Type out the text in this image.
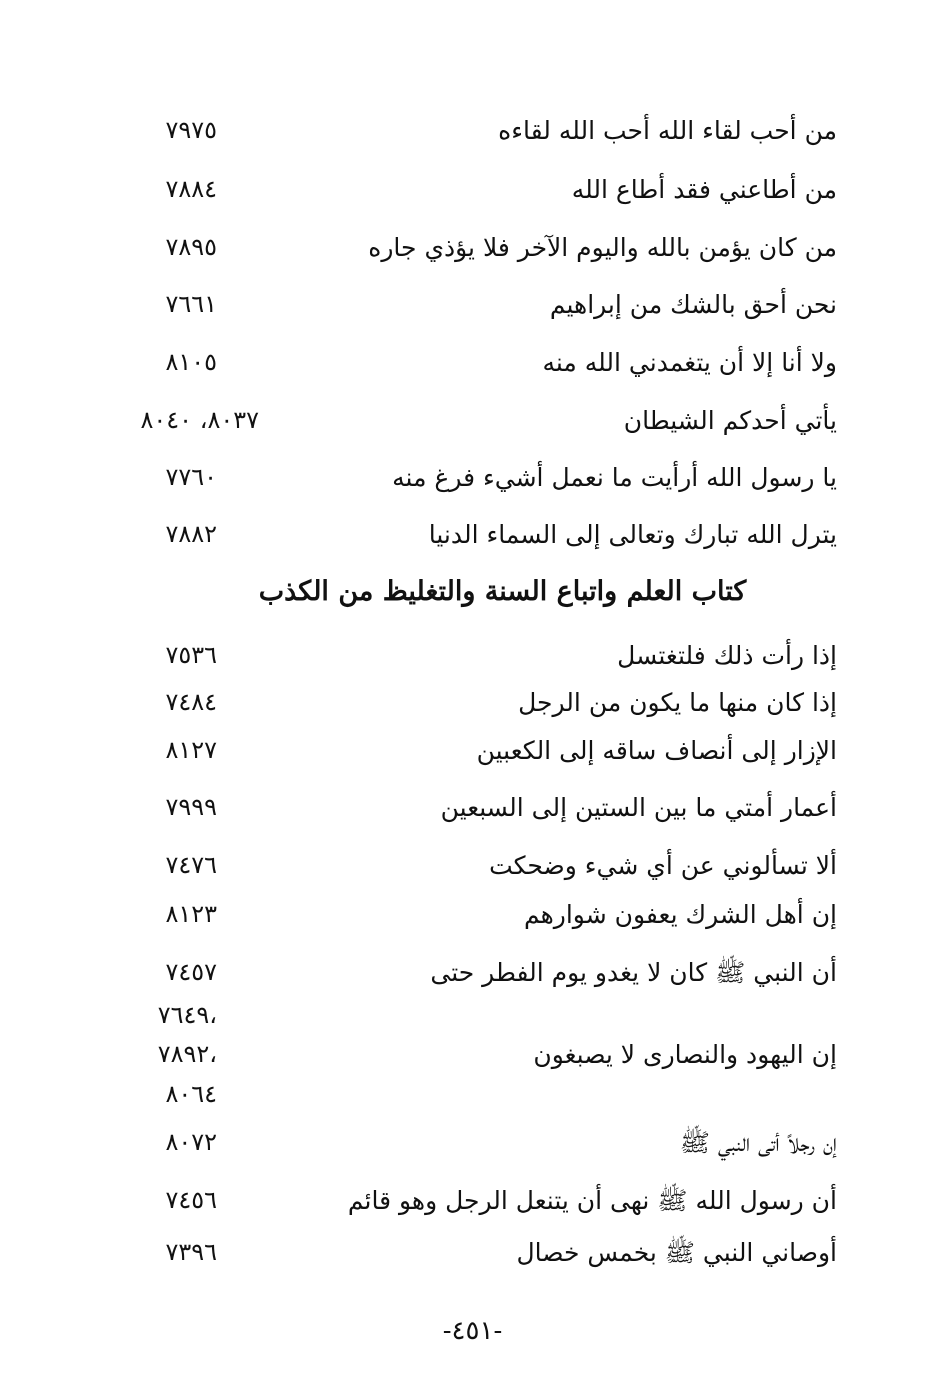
من أحب لقاء الله أحب الله لقاءه
٧٩٧٥
من أطاعني فقد أطاع الله
٧٨٨٤
من كان يؤمن بالله واليوم الآخر فلا يؤذي جاره
٧٨٩٥
نحن أحق بالشك من إبراهيم
٧٦٦١
ولا أنا إلا أن يتغمدني الله منه
٨١٠٥
يأتي أحدكم الشيطان
٨٠٣٧، ٨٠٤٠
يا رسول الله أرأيت ما نعمل أشيء فرغ منه
٧٧٦٠
يترل الله تبارك وتعالى إلى السماء الدنيا
٧٨٨٢
كتاب العلم واتباع السنة والتغليظ من الكذب
إذا رأت ذلك فلتغتسل
٧٥٣٦
إذا كان منها ما يكون من الرجل
٧٤٨٤
الإزار إلى أنصاف ساقه إلى الكعبين
٨١٢٧
أعمار أمتي ما بين الستين إلى السبعين
٧٩٩٩
ألا تسألوني عن أي شيء وضحكت
٧٤٧٦
إن أهل الشرك يعفون شوارهم
٨١٢٣
أن النبي ﷺ كان لا يغدو يوم الفطر حتى
٧٤٥٧
،٧٦٤٩
إن اليهود والنصارى لا يصبغون
،٧٨٩٢
٨٠٦٤
إن رجلاً أتى النبي ﷺ
٨٠٧٢
أن رسول الله ﷺ نهى أن يتنعل الرجل وهو قائم
٧٤٥٦
أوصاني النبي ﷺ بخمس خصال
٧٣٩٦
-٤٥١-
